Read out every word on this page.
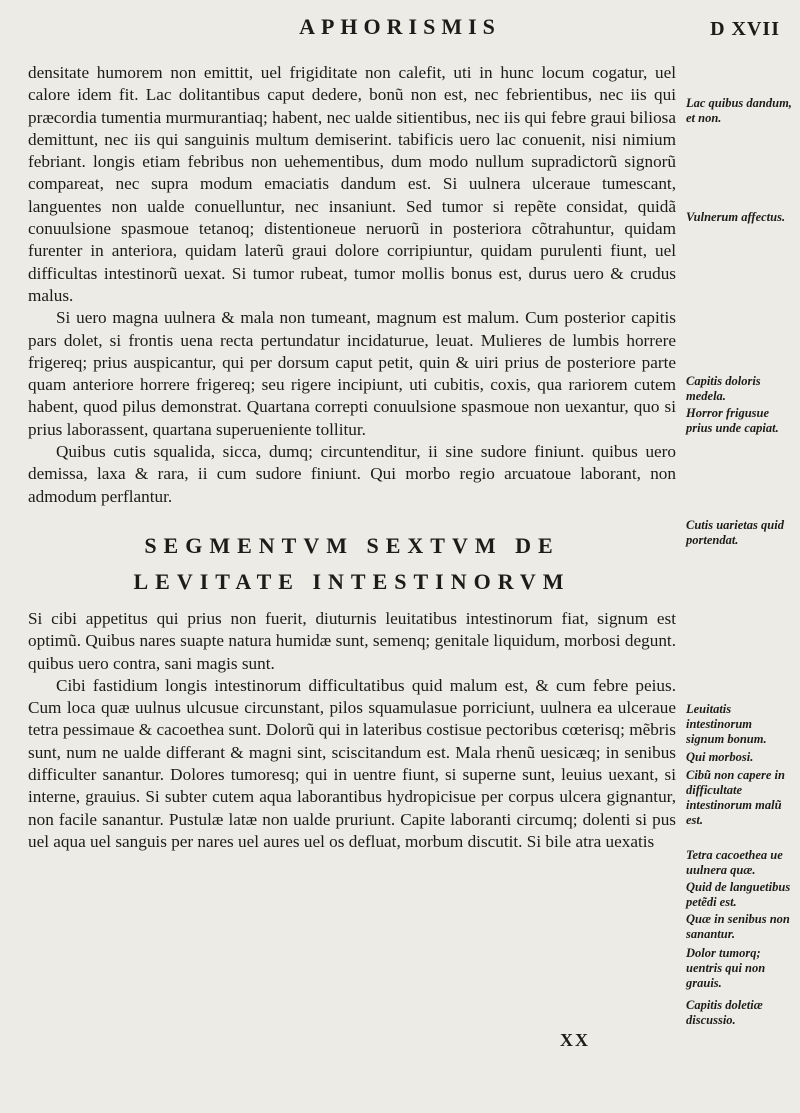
APHORISMIS	D XVII

densitate humorem non emittit, uel frigiditate non calefit, uti in hunc locum cogatur, uel calore idem fit. Lac dolitantibus caput dedere, bonũ non est, nec febrientibus, nec iis qui præcordia tumentia murmurantiaq; habent, nec ualde sitientibus, nec iis qui febre graui biliosa demittunt, nec iis qui sanguinis multum demiserint. tabificis uero lac conuenit, nisi nimium febriant. longis etiam febribus non uehementibus, dum modo nullum supradictorũ signorũ compareat, nec supra modum emaciatis dandum est. Si uulnera ulceraue tumescant, languentes non ualde conuelluntur, nec insaniunt. Sed tumor si repẽte considat, quidã conuulsione spasmoue tetanoq; distentioneue neruorũ in posteriora cõtrahuntur, quidam furenter in anteriora, quidam laterũ graui dolore corripiuntur, quidam purulenti fiunt, uel difficultas intestinorũ uexat. Si tumor rubeat, tumor mollis bonus est, durus uero & crudus malus.

Si uero magna uulnera & mala non tumeant, magnum est malum. Cum posterior capitis pars dolet, si frontis uena recta pertundatur incidaturue, leuat. Mulieres de lumbis horrere frigereq; prius auspicantur, qui per dorsum caput petit, quin & uiri prius de posteriore parte quam anteriore horrere frigereq; seu rigere incipiunt, uti cubitis, coxis, qua rariorem cutem habent, quod pilus demonstrat. Quartana correpti conuulsione spasmoue non uexantur, quo si prius laborassent, quartana superueniente tollitur.

Quibus cutis squalida, sicca, dumq; circuntenditur, ii sine sudore finiunt. quibus uero demissa, laxa & rara, ii cum sudore finiunt. Qui morbo regio arcuatoue laborant, non admodum perflantur.

SEGMENTVM SEXTVM DE
LEVITATE INTESTINORVM

Si cibi appetitus qui prius non fuerit, diuturnis leuitatibus intestinorum fiat, signum est optimũ. Quibus nares suapte natura humidæ sunt, semenq; genitale liquidum, morbosi degunt. quibus uero contra, sani magis sunt.

Cibi fastidium longis intestinorum difficultatibus quid malum est, & cum febre peius. Cum loca quæ uulnus ulcusue circunstant, pilos squamulasue porriciunt, uulnera ea ulceraue tetra pessimaue & cacoethea sunt. Dolorũ qui in lateribus costisue pectoribus cœterisq; mẽbris sunt, num ne ualde differant & magni sint, sciscitandum est. Mala rhenũ uesicæq; in senibus difficulter sanantur. Dolores tumoresq; qui in uentre fiunt, si superne sunt, leuius uexant, si interne, grauius. Si subter cutem aqua laborantibus hydropicisue per corpus ulcera gignantur, non facile sanantur. Pustulæ latæ non ualde pruriunt. Capite laboranti circumq; dolenti si pus uel aqua uel sanguis per nares uel aures uel os defluat, morbum discutit. Si bile atra uexatis

XX
Lac quibus dandum, et non.
Vulnerum affectus.
Capitis doloris medela.
Horror frigusue prius unde capiat.
Cutis uarietas quid portendat.
Leuitatis intestinorum signum bonum.
Qui morbosi.
Cibũ non capere in difficultate intestinorum malũ est.
Tetra cacoethea ue uulnera quæ.
Quid de languetibus petẽdi est.
Quæ in senibus non sanantur.
Dolor tumorq; uentris qui non grauis.
Capitis doletiæ discussio.
